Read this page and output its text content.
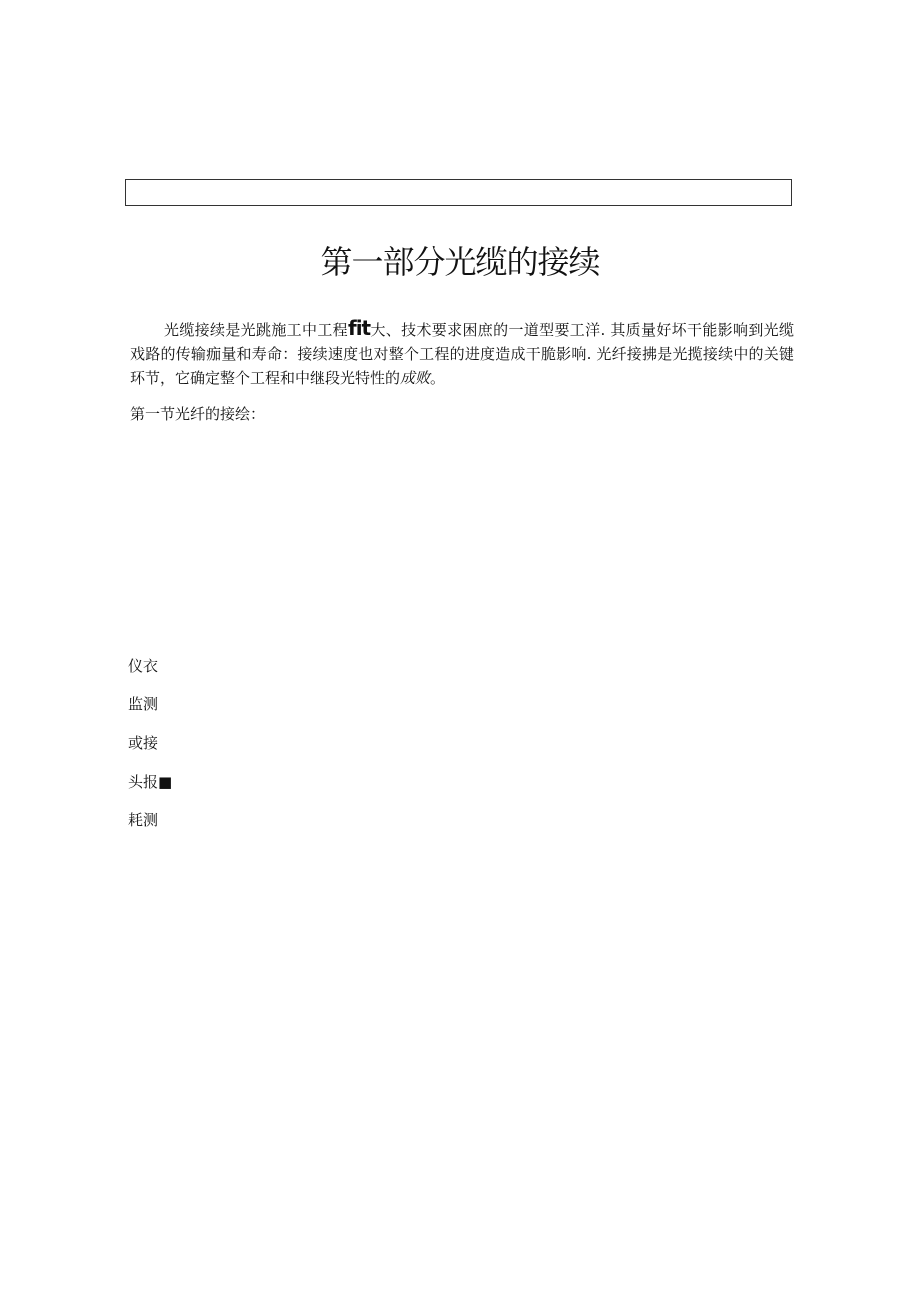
第一部分光缆的接续

光缆接续是光跳施工中工程fit大、技术要求困庶的一道型要工洋. 其质量好坏干能影响到光缆戏路的传输痂量和寿命：接续速度也对整个工程的进度造成干脆影响. 光纤接拂是光揽接续中的关键环节，它确定整个工程和中继段光特性的成败。

第一节光纤的接绘：

仪衣
监测
或接
头报■
耗测
